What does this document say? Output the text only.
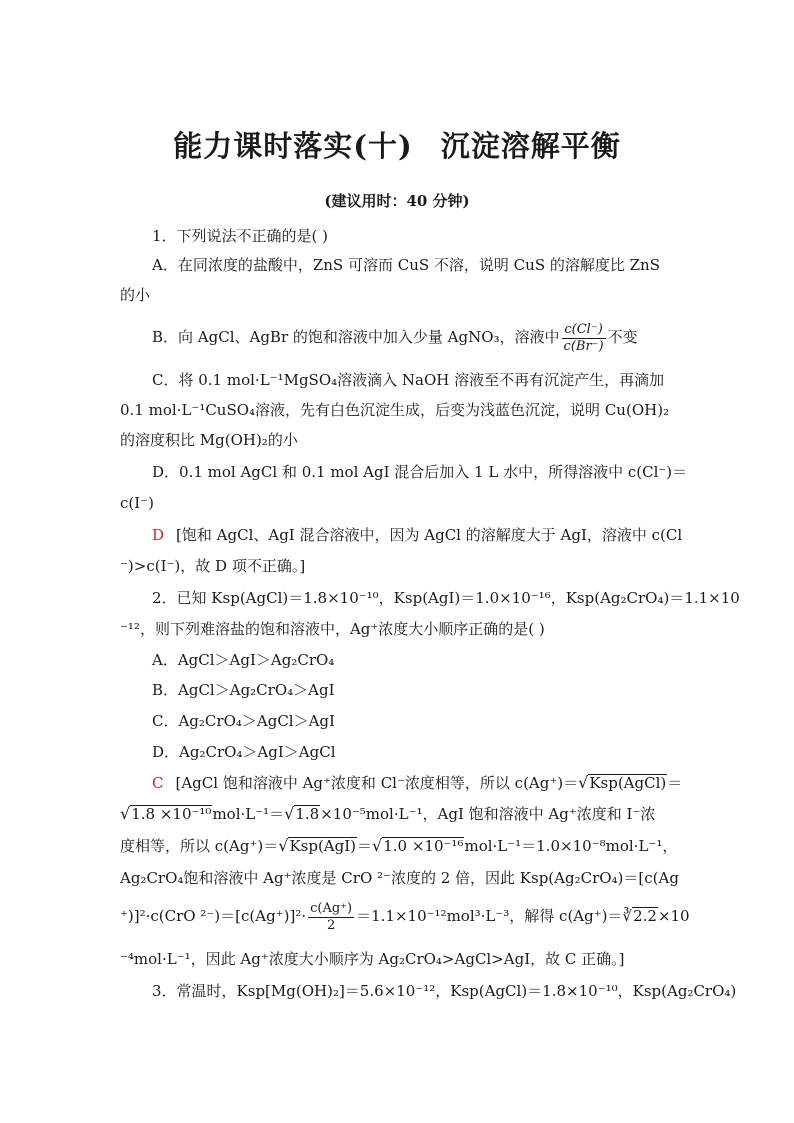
能力课时落实(十) 沉淀溶解平衡
(建议用时：40 分钟)
1．下列说法不正确的是( )
A．在同浓度的盐酸中，ZnS 可溶而 CuS 不溶，说明 CuS 的溶解度比 ZnS
的小
B．向 AgCl、AgBr 的饱和溶液中加入少量 AgNO₃，溶液中 $\frac{c(Cl^-)}{c(Br^-)}$ 不变
C．将 0.1 mol·L⁻¹MgSO₄溶液滴入 NaOH 溶液至不再有沉淀产生，再滴加
0.1 mol·L⁻¹CuSO₄溶液，先有白色沉淀生成，后变为浅蓝色沉淀，说明 Cu(OH)₂
的溶度积比 Mg(OH)₂的小
D．0.1 mol AgCl 和 0.1 mol AgI 混合后加入 1 L 水中，所得溶液中 c(Cl⁻)＝
c(I⁻)
D [饱和 AgCl、AgI 混合溶液中，因为 AgCl 的溶解度大于 AgI，溶液中 c(Cl
⁻)>c(I⁻)，故 D 项不正确。]
2．已知 Ksp(AgCl)＝1.8×10⁻¹⁰，Ksp(AgI)＝1.0×10⁻¹⁶，Ksp(Ag₂CrO₄)＝1.1×10
⁻¹²，则下列难溶盐的饱和溶液中，Ag⁺浓度大小顺序正确的是( )
A．AgCl＞AgI＞Ag₂CrO₄
B．AgCl＞Ag₂CrO₄＞AgI
C．Ag₂CrO₄＞AgCl＞AgI
D．Ag₂CrO₄＞AgI＞AgCl
C [AgCl 饱和溶液中 Ag⁺浓度和 Cl⁻浓度相等，所以 c(Ag⁺)＝√Ksp(AgCl)＝
√1.8 ×10⁻¹⁰mol·L⁻¹＝√1.8×10⁻⁵mol·L⁻¹，AgI 饱和溶液中 Ag⁺浓度和 I⁻浓
度相等，所以 c(Ag⁺)＝√Ksp(AgI)＝√1.0 ×10⁻¹⁶mol·L⁻¹＝1.0×10⁻⁸mol·L⁻¹，
Ag₂CrO₄饱和溶液中 Ag⁺浓度是 CrO ²⁻浓度的 2 倍，因此 Ksp(Ag₂CrO₄)＝[c(Ag
⁺)]²·c(CrO $^{2-})=[c(Ag^+)]^2\cdot \frac{c(Ag^+)}{2} =1.1\times 10^{-12}mol^3\cdot L^{-3}$，解得 c(Ag⁺)＝∛2.2×10
⁻⁴mol·L⁻¹，因此 Ag⁺浓度大小顺序为 Ag₂CrO₄>AgCl>AgI，故 C 正确。]
3．常温时，Ksp[Mg(OH)₂]＝5.6×10⁻¹²，Ksp(AgCl)＝1.8×10⁻¹⁰，Ksp(Ag₂CrO₄)
